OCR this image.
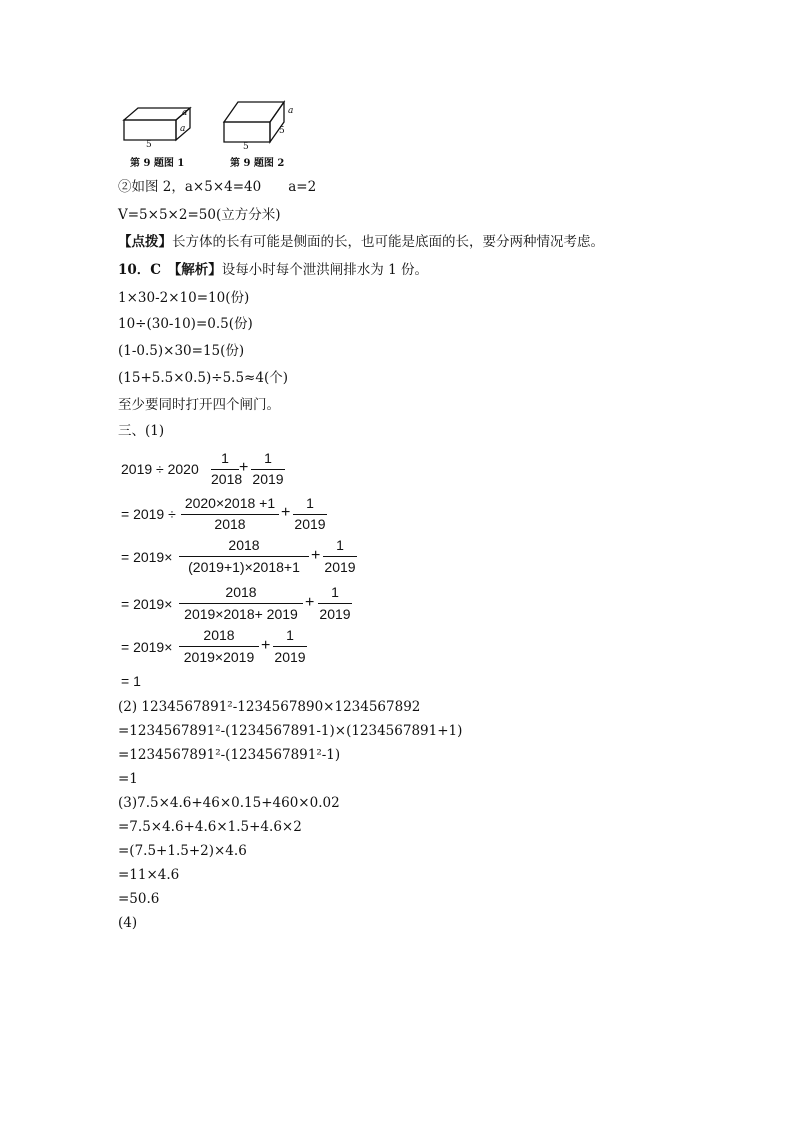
a
a
5
第 9 题图 1
a
5
5
第 9 题图 2
②如图 2，a×5×4=40　　a=2
V=5×5×2=50(立方分米)
【点拨】长方体的长有可能是侧面的长，也可能是底面的长，要分两种情况考虑。
10．C　【解析】设每小时每个泄洪闸排水为 1 份。
1×30-2×10=10(份)
10÷(30-10)=0.5(份)
(1-0.5)×30=15(份)
(15+5.5×0.5)÷5.5≈4(个)
至少要同时打开四个闸门。
三、(1)
2019 ÷ 2020
1
2018
+
1
2019
= 2019 ÷
2020×2018 +1
2018
+
1
2019
= 2019×
2018
(2019+1)×2018+1
+
1
2019
= 2019×
2018
2019×2018+ 2019
+
1
2019
= 2019×
2018
2019×2019
+
1
2019
= 1
(2) 1234567891²-1234567890×1234567892
=1234567891²-(1234567891-1)×(1234567891+1)
=1234567891²-(1234567891²-1)
=1
(3)7.5×4.6+46×0.15+460×0.02
=7.5×4.6+4.6×1.5+4.6×2
=(7.5+1.5+2)×4.6
=11×4.6
=50.6
(4)
